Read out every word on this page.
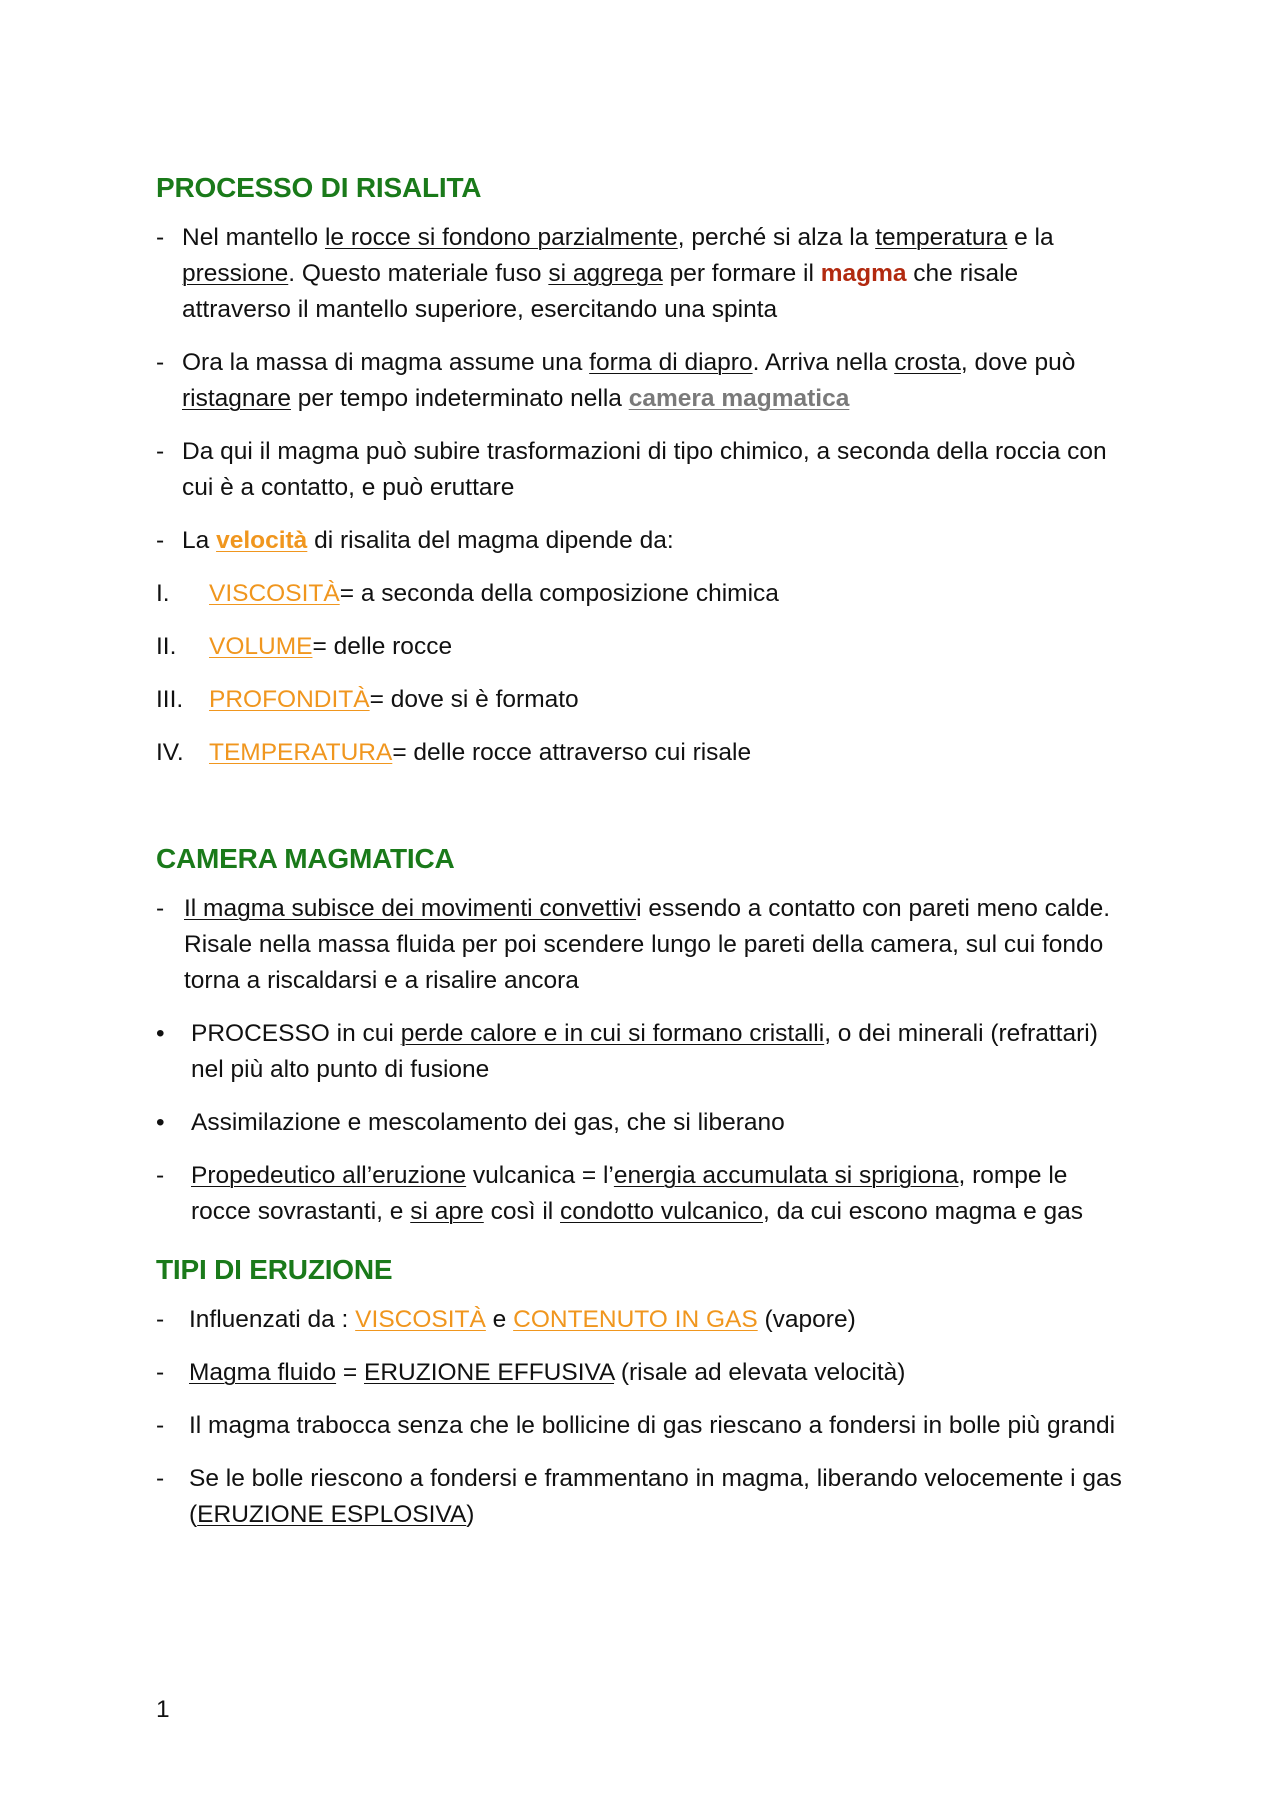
PROCESSO DI RISALITA
- Nel mantello le rocce si fondono parzialmente, perché si alza la temperatura e la pressione. Questo materiale fuso si aggrega per formare il magma che risale attraverso il mantello superiore, esercitando una spinta
- Ora la massa di magma assume una forma di diapro. Arriva nella crosta, dove può ristagnare per tempo indeterminato nella camera magmatica
- Da qui il magma può subire trasformazioni di tipo chimico, a seconda della roccia con cui è a contatto, e può eruttare
- La velocità di risalita del magma dipende da:
I. VISCOSITÀ= a seconda della composizione chimica
II. VOLUME= delle rocce
III. PROFONDITÀ= dove si è formato
IV. TEMPERATURA= delle rocce attraverso cui risale
CAMERA MAGMATICA
- Il magma subisce dei movimenti convettivi essendo a contatto con pareti meno calde. Risale nella massa fluida per poi scendere lungo le pareti della camera, sul cui fondo torna a riscaldarsi e a risalire ancora
• PROCESSO in cui perde calore e in cui si formano cristalli, o dei minerali (refrattari) nel più alto punto di fusione
• Assimilazione e mescolamento dei gas, che si liberano
- Propedeutico all’eruzione vulcanica = l’energia accumulata si sprigiona, rompe le rocce sovrastanti, e si apre così il condotto vulcanico, da cui escono magma e gas
TIPI DI ERUZIONE
- Influenzati da : VISCOSITÀ e CONTENUTO IN GAS (vapore)
- Magma fluido = ERUZIONE EFFUSIVA (risale ad elevata velocità)
- Il magma trabocca senza che le bollicine di gas riescano a fondersi in bolle più grandi
- Se le bolle riescono a fondersi e frammentano in magma, liberando velocemente i gas (ERUZIONE ESPLOSIVA)
1
